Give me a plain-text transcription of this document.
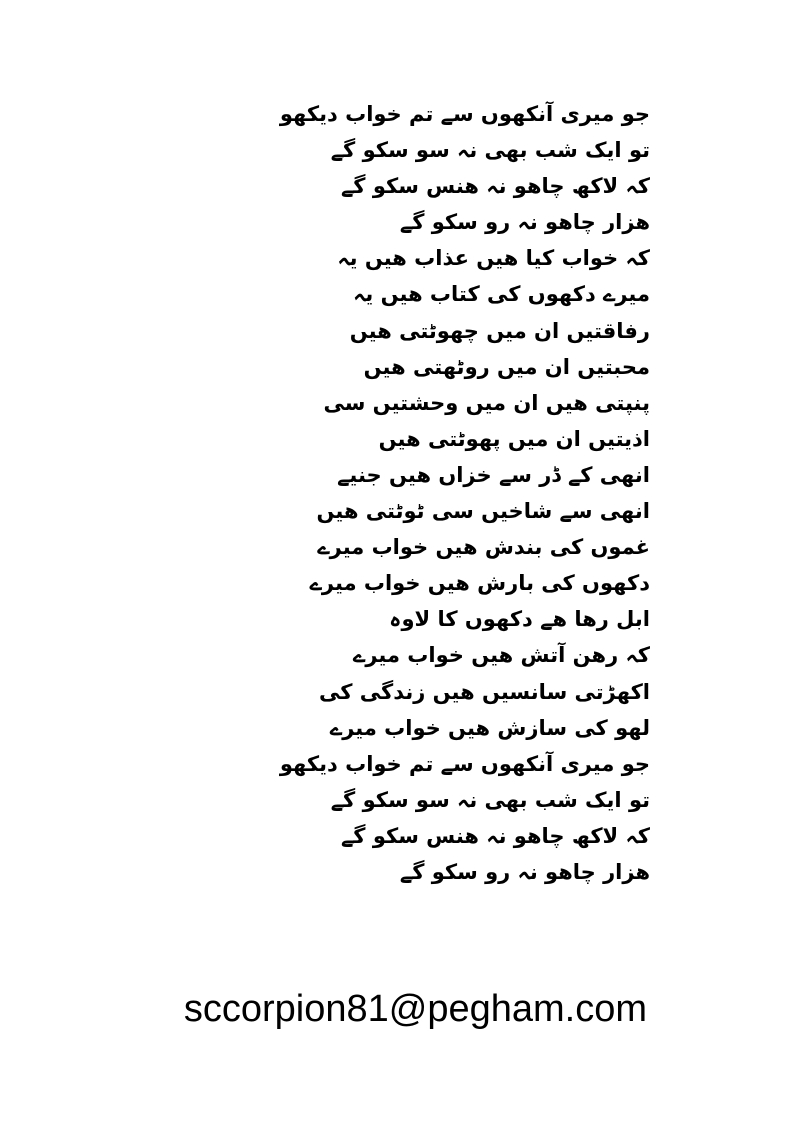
جو میری آنکھوں سے تم خواب دیکھو
تو ایک شب بھی نہ سو سکو گے
کہ لاکھ چاھو نہ ھنس سکو گے
ھزار چاھو نہ رو سکو گے
کہ خواب کیا ھیں عذاب ھیں یہ
میرے دکھوں کی کتاب ھیں یہ
رفاقتیں ان میں چھوٹتی ھیں
محبتیں ان میں روٹھتی ھیں
پنپتی ھیں ان میں وحشتیں سی
اذیتیں ان میں پھوٹتی ھیں
انھی کے ڈر سے خزاں ھیں جنیے
انھی سے شاخیں سی ٹوٹتی ھیں
غموں کی بندش ھیں خواب میرے
دکھوں کی بارش ھیں خواب میرے
ابل رھا ھے دکھوں کا لاوہ
کہ رھن آتش ھیں خواب میرے
اکھڑتی سانسیں ھیں زندگی کی
لھو کی سازش ھیں خواب میرے
جو میری آنکھوں سے تم خواب دیکھو
تو ایک شب بھی نہ سو سکو گے
کہ لاکھ چاھو نہ ھنس سکو گے
ھزار چاھو نہ رو سکو گے
sccorpion81@pegham.com
